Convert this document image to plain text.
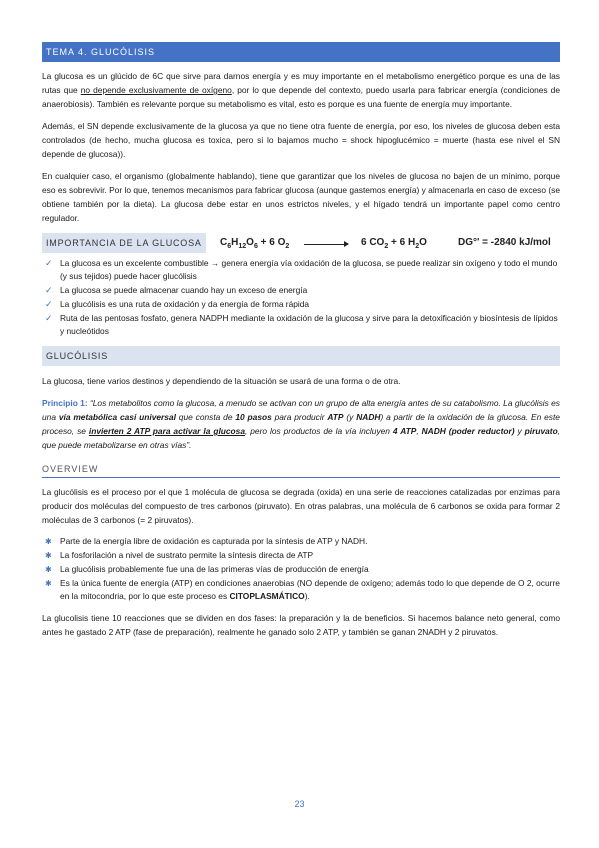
TEMA 4. GLUCÓLISIS

La glucosa es un glúcido de 6C que sirve para darnos energía y es muy importante en el metabolismo energético porque es una de las rutas que no depende exclusivamente de oxígeno, por lo que depende del contexto, puedo usarla para fabricar energía (condiciones de anaerobiosis). También es relevante porque su metabolismo es vital, esto es porque es una fuente de energía muy importante.

Además, el SN depende exclusivamente de la glucosa ya que no tiene otra fuente de energía, por eso, los niveles de glucosa deben esta controlados (de hecho, mucha glucosa es toxica, pero si lo bajamos mucho = shock hipoglucémico = muerte (hasta ese nivel el SN depende de glucosa)).

En cualquier caso, el organismo (globalmente hablando), tiene que garantizar que los niveles de glucosa no bajen de un mínimo, porque eso es sobrevivir. Por lo que, tenemos mecanismos para fabricar glucosa (aunque gastemos energía) y almacenarla en caso de exceso (se obtiene también por la dieta). La glucosa debe estar en unos estrictos niveles, y el hígado tendrá un importante papel como centro regulador.

IMPORTANCIA DE LA GLUCOSA	$C_6H_{12}O_6 + 6$ $O_2 \to 6$ $CO_2 + 6$ $H_2O$	DG°' = -2840 kJ/mol
✓ La glucosa es un excelente combustible → genera energía vía oxidación de la glucosa, se puede realizar sin oxígeno y todo el mundo (y sus tejidos) puede hacer glucólisis
✓ La glucosa se puede almacenar cuando hay un exceso de energía
✓ La glucólisis es una ruta de oxidación y da energía de forma rápida
✓ Ruta de las pentosas fosfato, genera NADPH mediante la oxidación de la glucosa y sirve para la detoxificación y biosíntesis de lípidos y nucleótidos
GLUCÓLISIS

La glucosa, tiene varios destinos y dependiendo de la situación se usará de una forma o de otra.

Principio 1: “Los metabolitos como la glucosa, a menudo se activan con un grupo de alta energía antes de su catabolismo. La glucólisis es una vía metabólica casi universal que consta de 10 pasos para producir ATP (y NADH) a partir de la oxidación de la glucosa. En este proceso, se invierten 2 ATP para activar la glucosa, pero los productos de la vía incluyen 4 ATP, NADH (poder reductor) y piruvato, que puede metabolizarse en otras vías”.
OVERVIEW

La glucólisis es el proceso por el que 1 molécula de glucosa se degrada (oxida) en una serie de reacciones catalizadas por enzimas para producir dos moléculas del compuesto de tres carbonos (piruvato). En otras palabras, una molécula de 6 carbonos se oxida para formar 2 moléculas de 3 carbonos (= 2 piruvatos).

✱ Parte de la energía libre de oxidación es capturada por la síntesis de ATP y NADH.
✱ La fosforilación a nivel de sustrato permite la síntesis directa de ATP
✱ La glucólisis probablemente fue una de las primeras vías de producción de energía
✱ Es la única fuente de energía (ATP) en condiciones anaerobias (NO depende de oxígeno; además todo lo que depende de O 2, ocurre en la mitocondria, por lo que este proceso es CITOPLASMÁTICO).

La glucolisis tiene 10 reacciones que se dividen en dos fases: la preparación y la de beneficios. Si hacemos balance neto general, como antes he gastado 2 ATP (fase de preparación), realmente he ganado solo 2 ATP, y también se ganan 2NADH y 2 piruvatos.

23
